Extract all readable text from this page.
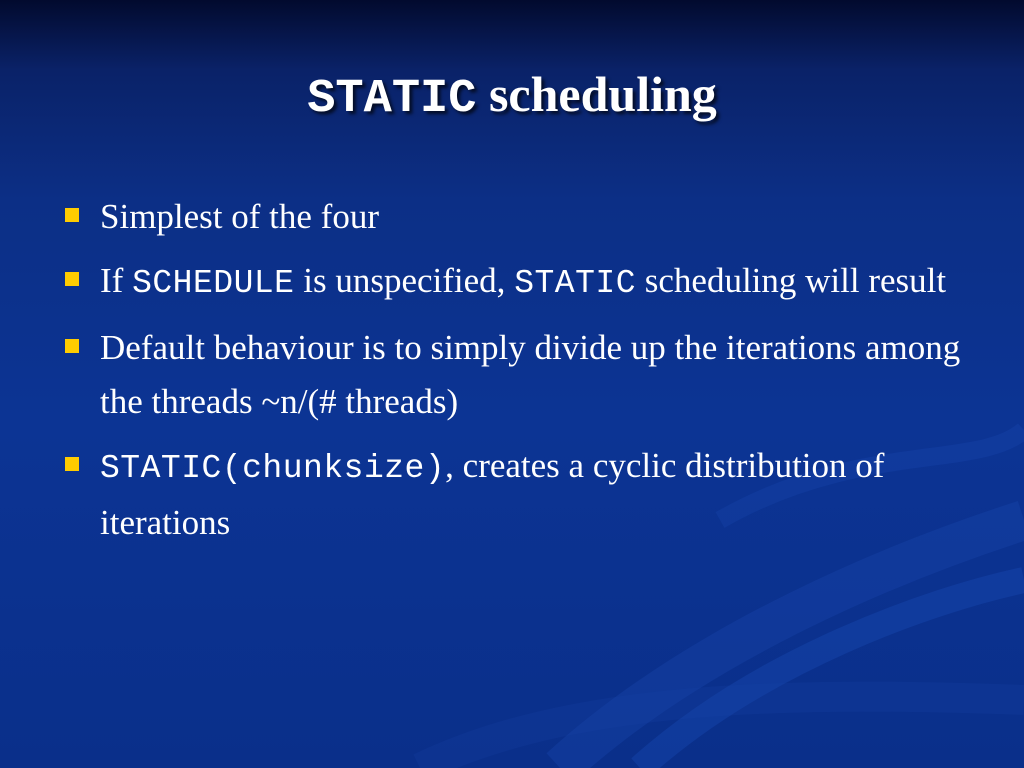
STATIC scheduling
Simplest of the four
If SCHEDULE is unspecified, STATIC scheduling will result
Default behaviour is to simply divide up the iterations among the threads ~n/(# threads)
STATIC(chunksize), creates a cyclic distribution of iterations
